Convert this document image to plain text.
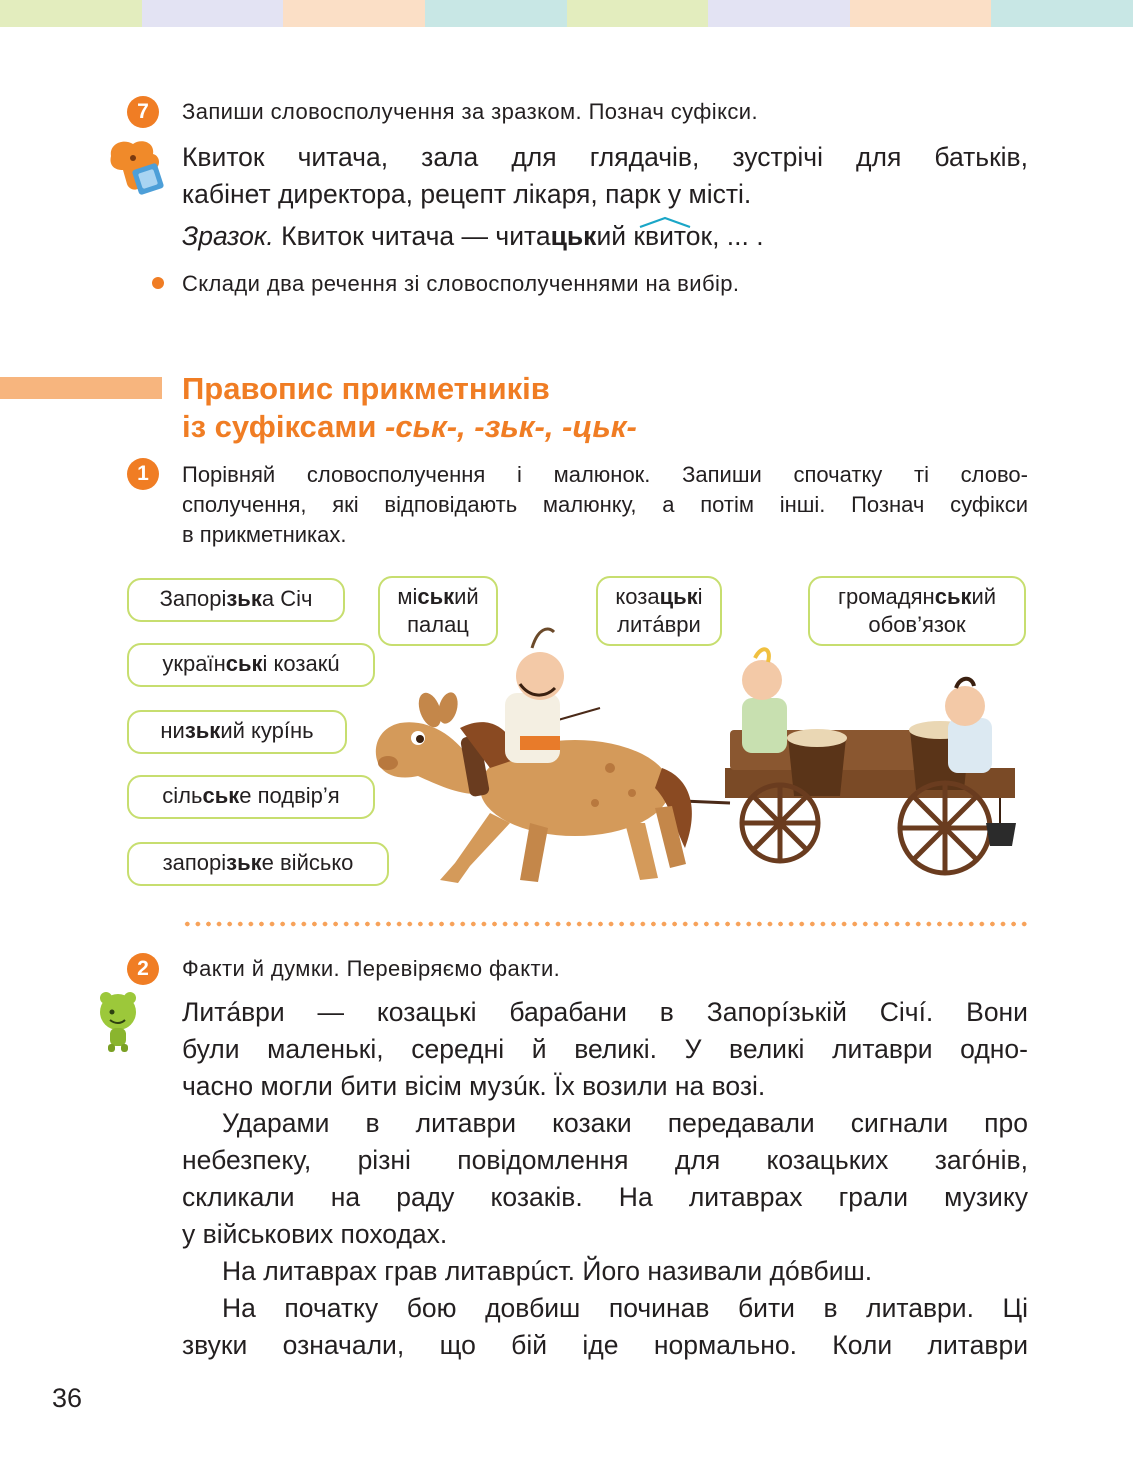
7	Запиши словосполучення за зразком. Познач суфікси.
Квиток читача, зала для глядачів, зустрічі для батьків,
кабінет директора, рецепт лікаря, парк у місті.
Зразок. Квиток читача — читацький квиток, ... .
Склади два речення зі словосполученнями на вибір.
Правопис прикметників
із суфіксами -ськ-, -зьк-, -цьк-
1	Порівняй словосполучення і малюнок. Запиши спочатку ті слово-
сполучення, які відповідають малюнку, а потім інші. Познач суфікси
в прикметниках.
Запорізька Січ
українські козакú
низький курíнь
сільське подвір’я
запорізьке військо
міський
палац
козацькі
литáври
громадянський
обов’язок
2	Факти й думки. Перевіряємо факти.
Литáври — козацькі барабани в Запорíзькій Січí. Вони
були маленькі, середні й великі. У великі литаври одно-
часно могли бити вісім музúк. Їх возили на возі.
Ударами в литаври козаки передавали сигнали про
небезпеку, різні повідомлення для козацьких загóнів,
скликали на раду козаків. На литаврах грали музику
у військових походах.
На литаврах грав литаврúст. Його називали дóвбиш.
На початку бою довбиш починав бити в литаври. Ці
звуки означали, що бій іде нормально. Коли литаври
36
